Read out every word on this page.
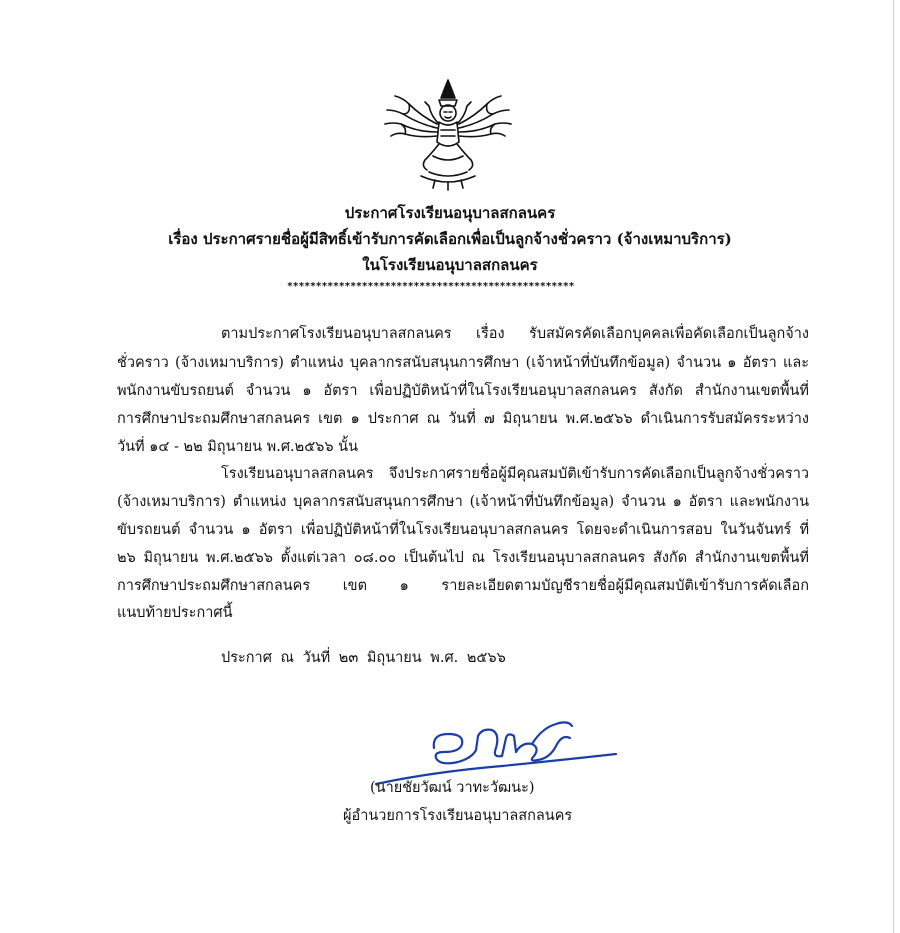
ประกาศโรงเรียนอนุบาลสกลนคร
เรื่อง ประกาศรายชื่อผู้มีสิทธิ์เข้ารับการคัดเลือกเพื่อเป็นลูกจ้างชั่วคราว (จ้างเหมาบริการ)
ในโรงเรียนอนุบาลสกลนคร
**************************************************
ตามประกาศโรงเรียนอนุบาลสกลนคร เรื่อง รับสมัครคัดเลือกบุคคลเพื่อคัดเลือกเป็นลูกจ้าง
ชั่วคราว (จ้างเหมาบริการ) ตำแหน่ง บุคลากรสนับสนุนการศึกษา (เจ้าหน้าที่บันทึกข้อมูล) จำนวน ๑ อัตรา และ
พนักงานขับรถยนต์ จำนวน ๑ อัตรา เพื่อปฏิบัติหน้าที่ในโรงเรียนอนุบาลสกลนคร สังกัด สำนักงานเขตพื้นที่
การศึกษาประถมศึกษาสกลนคร เขต ๑ ประกาศ ณ วันที่ ๗ มิถุนายน พ.ศ.๒๕๖๖ ดำเนินการรับสมัครระหว่าง
วันที่ ๑๔ - ๒๒ มิถุนายน พ.ศ.๒๕๖๖ นั้น
โรงเรียนอนุบาลสกลนคร จึงประกาศรายชื่อผู้มีคุณสมบัติเข้ารับการคัดเลือกเป็นลูกจ้างชั่วคราว
(จ้างเหมาบริการ) ตำแหน่ง บุคลากรสนับสนุนการศึกษา (เจ้าหน้าที่บันทึกข้อมูล) จำนวน ๑ อัตรา และพนักงาน
ขับรถยนต์ จำนวน ๑ อัตรา เพื่อปฏิบัติหน้าที่ในโรงเรียนอนุบาลสกลนคร โดยจะดำเนินการสอบ ในวันจันทร์ ที่
๒๖ มิถุนายน พ.ศ.๒๕๖๖ ตั้งแต่เวลา ๐๘.๐๐ เป็นต้นไป ณ โรงเรียนอนุบาลสกลนคร สังกัด สำนักงานเขตพื้นที่
การศึกษาประถมศึกษาสกลนคร เขต ๑ รายละเอียดตามบัญชีรายชื่อผู้มีคุณสมบัติเข้ารับการคัดเลือก
แนบท้ายประกาศนี้
ประกาศ ณ วันที่ ๒๓ มิถุนายน พ.ศ. ๒๕๖๖
(นายชัยวัฒน์ วาทะวัฒนะ)
ผู้อำนวยการโรงเรียนอนุบาลสกลนคร
